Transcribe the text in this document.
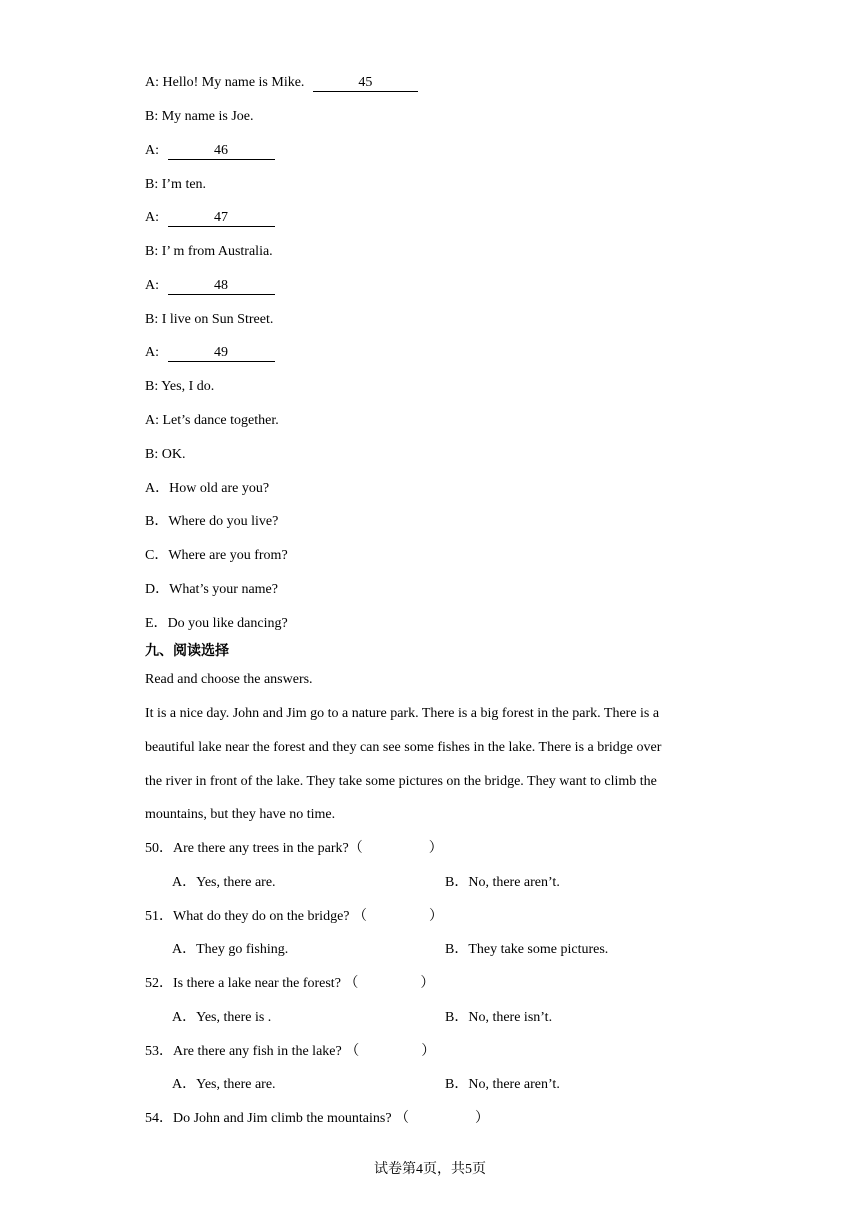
A: Hello! My name is Mike.	45
B: My name is Joe.
A:	46
B: I’m ten.
A:	47
B: I’ m from Australia.
A:	48
B: I live on Sun Street.
A:	49
B: Yes, I do.
A: Let’s dance together.
B: OK.
A．How old are you?
B．Where do you live?
C．Where are you from?
D．What’s your name?
E．Do you like dancing?
九、阅读选择
Read and choose the answers.
It is a nice day. John and Jim go to a nature park. There is a big forest in the park. There is a
beautiful lake near the forest and they can see some fishes in the lake. There is a bridge over
the river in front of the lake. They take some pictures on the bridge. They want to climb the
mountains, but they have no time.
50．Are there any trees in the park?（	）
A．Yes, there are.	B．No, there aren’t.
51．What do they do on the bridge? （	）
A．They go fishing.	B．They take some pictures.
52．Is there a lake near the forest? （	）
A．Yes, there is .	B．No, there isn’t.
53．Are there any fish in the lake? （	）
A．Yes, there are.	B．No, there aren’t.
54．Do John and Jim climb the mountains? （	）
试卷第4页，共5页
